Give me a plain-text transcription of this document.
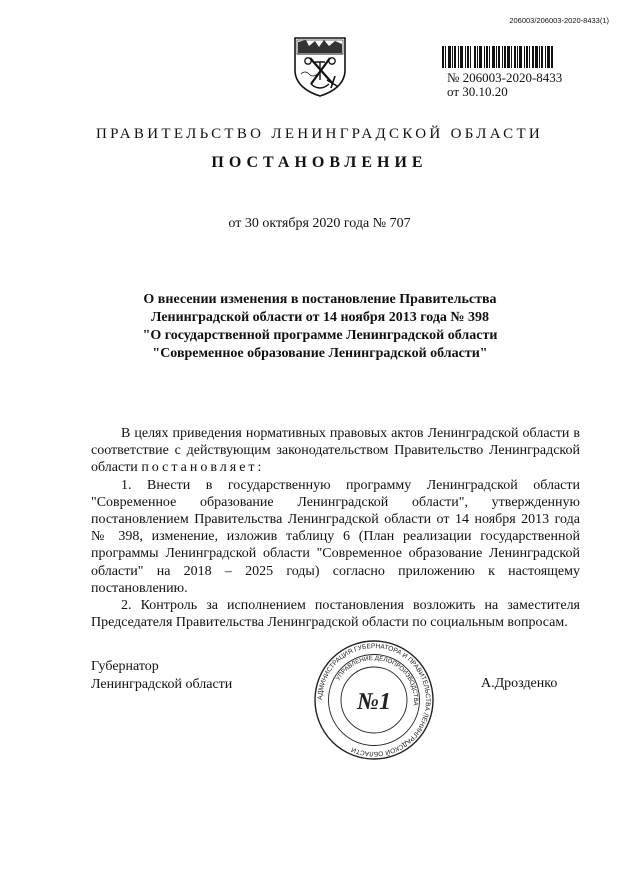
206003/206003-2020-8433(1)
№ 206003-2020-8433
от 30.10.20
ПРАВИТЕЛЬСТВО ЛЕНИНГРАДСКОЙ ОБЛАСТИ
ПОСТАНОВЛЕНИЕ
от 30 октября 2020 года № 707
О внесении изменения в постановление Правительства Ленинградской области от 14 ноября 2013 года № 398 "О государственной программе Ленинградской области "Современное образование Ленинградской области"

В целях приведения нормативных правовых актов Ленинградской области в соответствие с действующим законодательством Правительство Ленинградской области постановляет:

1. Внести в государственную программу Ленинградской области "Современное образование Ленинградской области", утвержденную постановлением Правительства Ленинградской области от 14 ноября 2013 года № 398, изменение, изложив таблицу 6 (План реализации государственной программы Ленинградской области "Современное образование Ленинградской области" на 2018 – 2025 годы) согласно приложению к настоящему постановлению.

2. Контроль за исполнением постановления возложить на заместителя Председателя Правительства Ленинградской области по социальным вопросам.

Губернатор
Ленинградской области
АДМИНИСТРАЦИЯ ГУБЕРНАТОРА И ПРАВИТЕЛЬСТВА ЛЕНИНГРАДСКОЙ ОБЛАСТИ
УПРАВЛЕНИЕ ДЕЛОПРОИЗВОДСТВА
№1
А.Дрозденко
